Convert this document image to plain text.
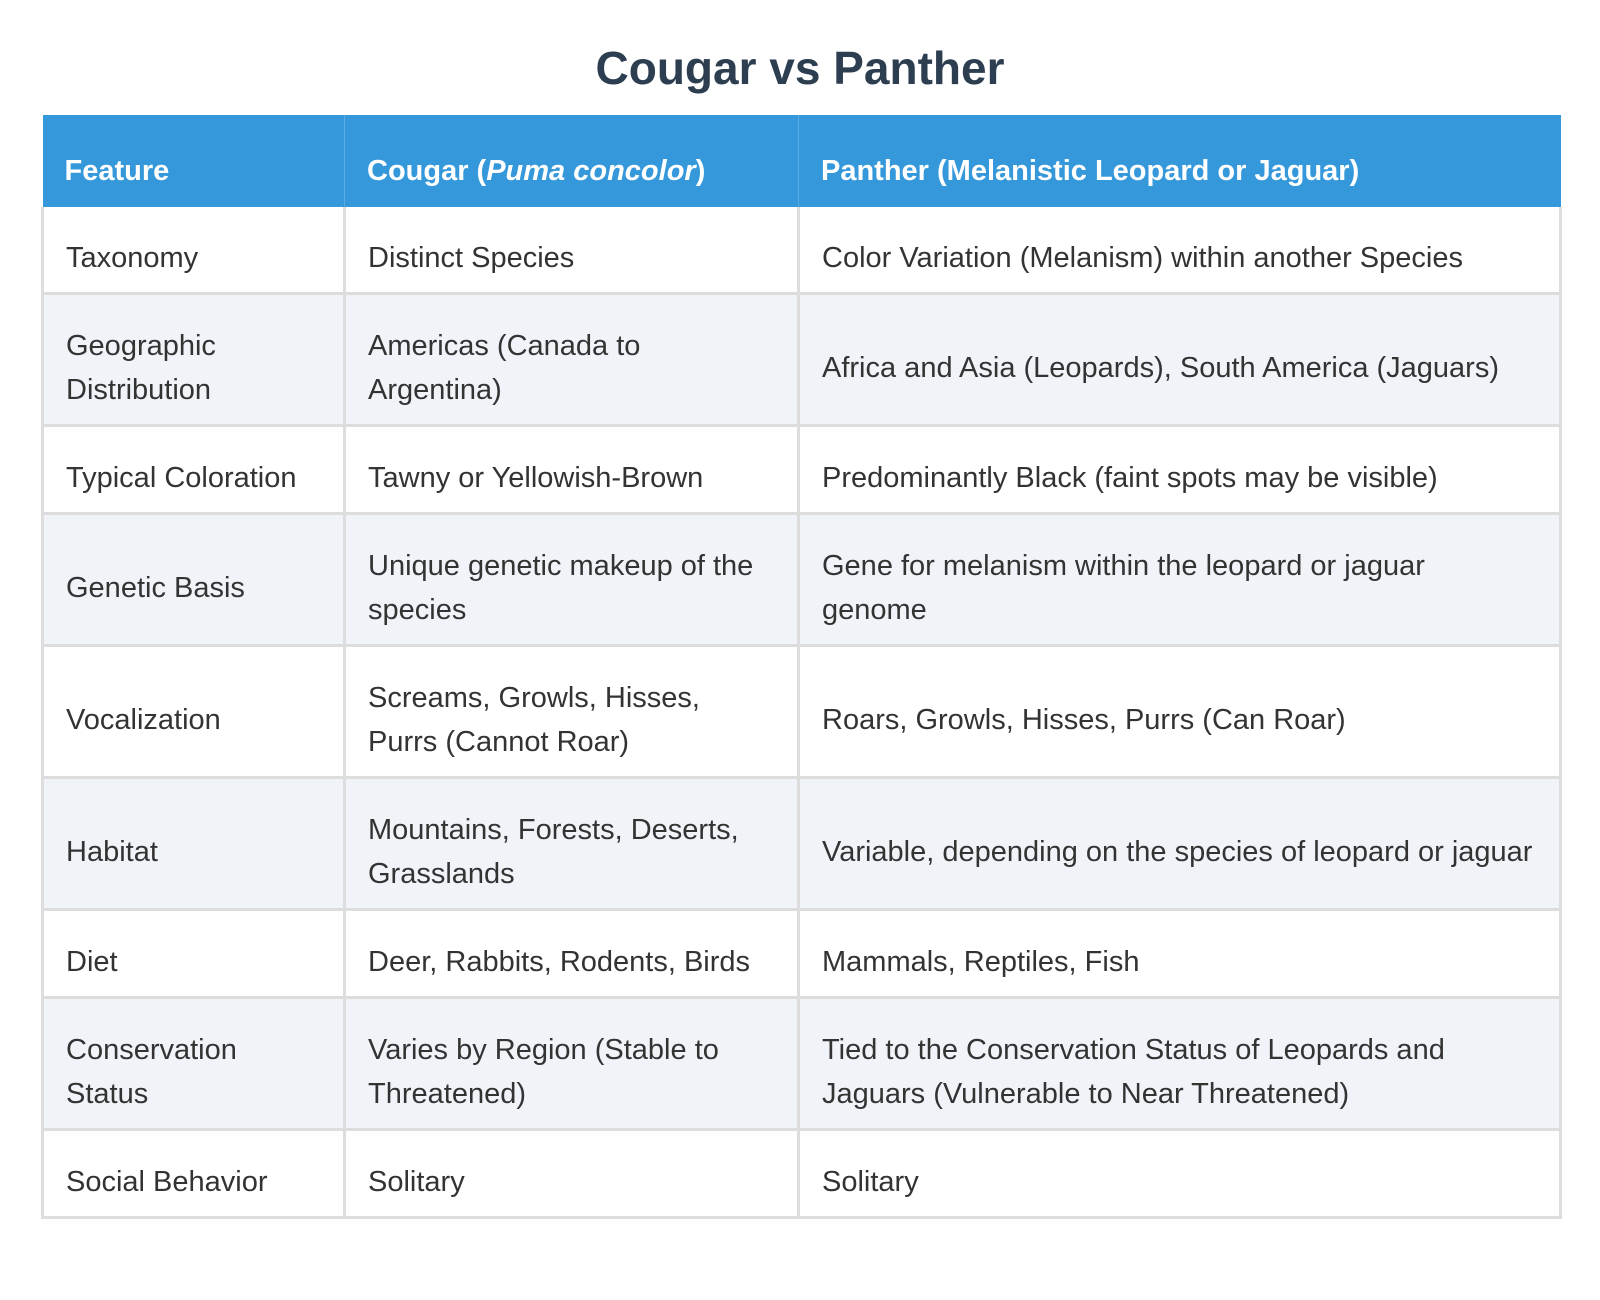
Cougar vs Panther
Feature	Cougar (Puma concolor)	Panther (Melanistic Leopard or Jaguar)
Taxonomy	Distinct Species	Color Variation (Melanism) within another Species
Geographic Distribution	Americas (Canada to Argentina)	Africa and Asia (Leopards), South America (Jaguars)
Typical Coloration	Tawny or Yellowish-Brown	Predominantly Black (faint spots may be visible)
Genetic Basis	Unique genetic makeup of the species	Gene for melanism within the leopard or jaguar genome
Vocalization	Screams, Growls, Hisses, Purrs (Cannot Roar)	Roars, Growls, Hisses, Purrs (Can Roar)
Habitat	Mountains, Forests, Deserts, Grasslands	Variable, depending on the species of leopard or jaguar
Diet	Deer, Rabbits, Rodents, Birds	Mammals, Reptiles, Fish
Conservation Status	Varies by Region (Stable to Threatened)	Tied to the Conservation Status of Leopards and Jaguars (Vulnerable to Near Threatened)
Social Behavior	Solitary	Solitary
